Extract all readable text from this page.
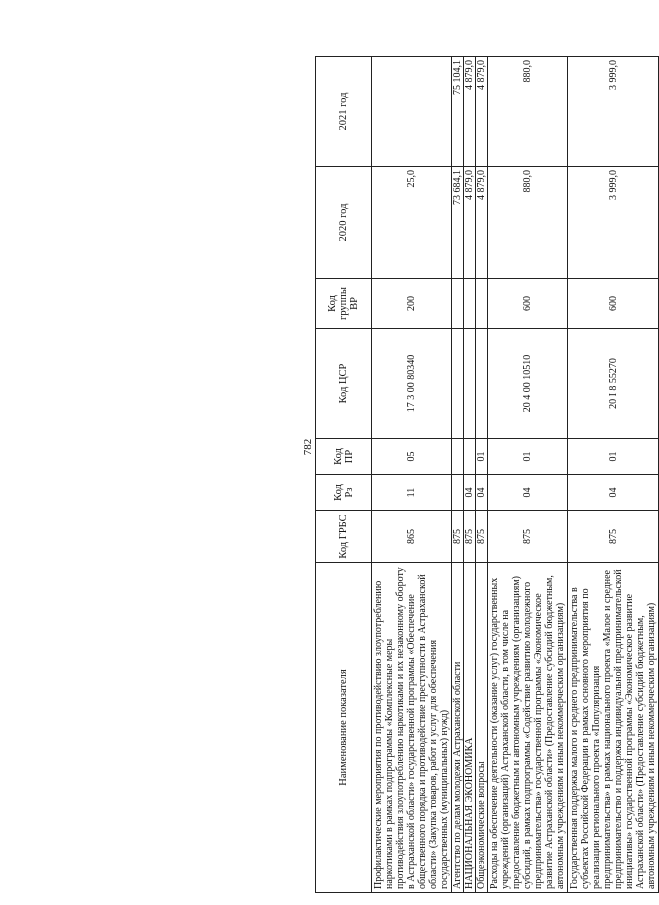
782
Наименование показателя	Код ГРБС	Код Рз	Код ПР	Код ЦСР	Код группы ВР	2020 год	2021 год
Профилактические мероприятия по противодействию злоупотреблению наркотиками в рамках подпрограммы «Комплексные меры противодействия злоупотреблению наркотиками и их незаконному обороту в Астраханской области» государственной программы «Обеспечение общественного порядка и противодействие преступности в Астраханской области» (Закупка товаров, работ и услуг для обеспечения государственных (муниципальных) нужд)	865	11	05	17 3 00 80340	200	25,0	
Агентство по делам молодежи Астраханской области	875					73 684,1	75 104,1
НАЦИОНАЛЬНАЯ ЭКОНОМИКА	875	04				4 879,0	4 879,0
Общеэкономические вопросы	875	04	01			4 879,0	4 879,0
Расходы на обеспечение деятельности (оказание услуг) государственных учреждений (организаций) Астраханской области, в том числе на предоставление бюджетным и автономным учреждениям (организациям) субсидий, в рамках подпрограммы «Содействие развитию молодежного предпринимательства» государственной программы «Экономическое развитие Астраханской области» (Предоставление субсидий бюджетным, автономным учреждениям и иным некоммерческим организациям)	875	04	01	20 4 00 10510	600	880,0	880,0
Государственная поддержка малого и среднего предпринимательства в субъектах Российской Федерации в рамках основного мероприятия по реализации регионального проекта «Популяризация предпринимательства» в рамках национального проекта «Малое и среднее предпринимательство и поддержка индивидуальной предпринимательской инициативы» государственной программы «Экономическое развитие Астраханской области» (Предоставление субсидий бюджетным, автономным учреждениям и иным некоммерческим организациям)	875	04	01	20 I 8 55270	600	3 999,0	3 999,0
